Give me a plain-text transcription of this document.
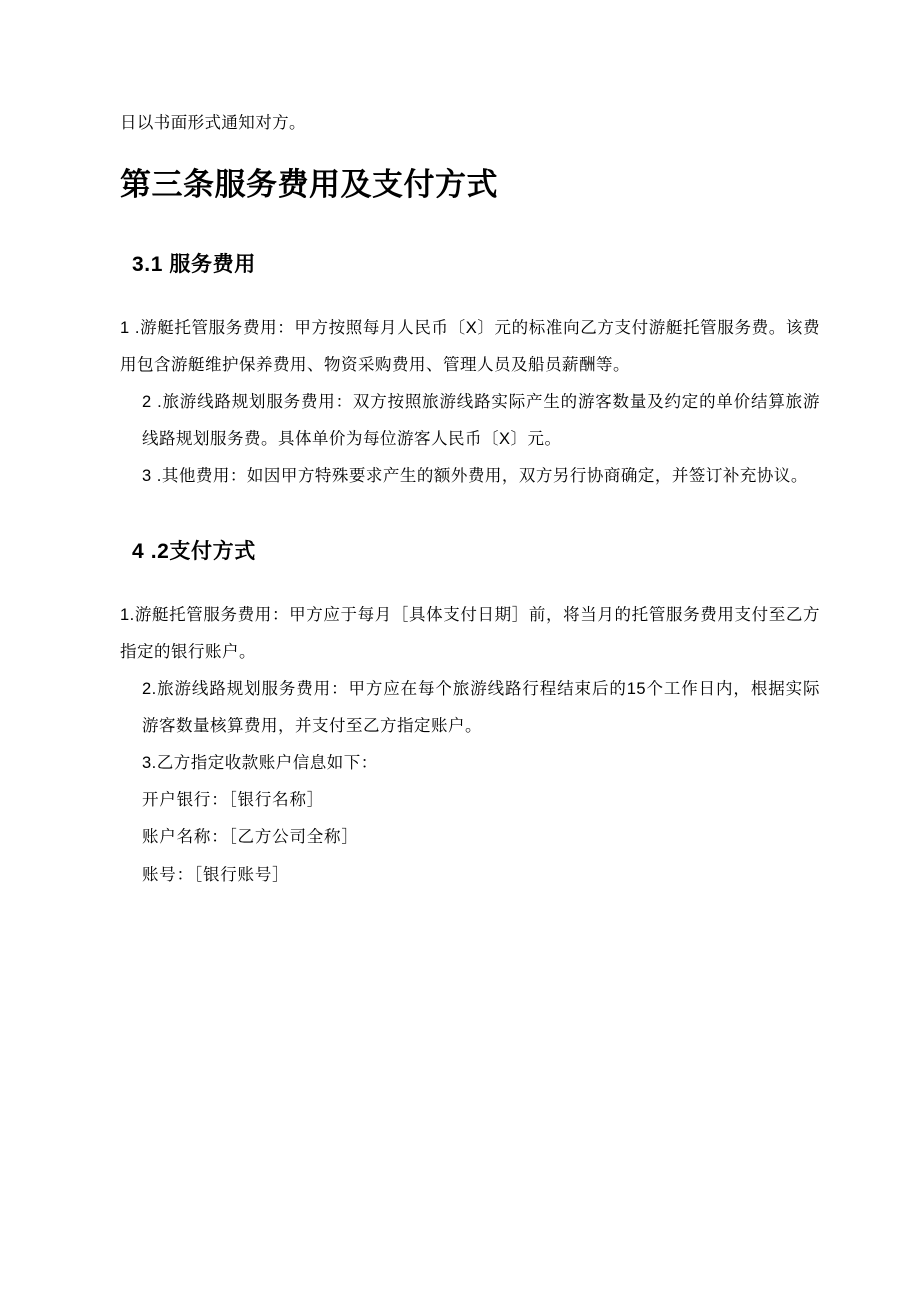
日以书面形式通知对方。

第三条服务费用及支付方式
3.1 服务费用

1 .游艇托管服务费用：甲方按照每月人民币〔X〕元的标准向乙方支付游艇托管服务费。该费用包含游艇维护保养费用、物资采购费用、管理人员及船员薪酬等。

2 .旅游线路规划服务费用：双方按照旅游线路实际产生的游客数量及约定的单价结算旅游线路规划服务费。具体单价为每位游客人民币〔X〕元。

3 .其他费用：如因甲方特殊要求产生的额外费用，双方另行协商确定，并签订补充协议。

4 .2支付方式

1.游艇托管服务费用：甲方应于每月［具体支付日期］前，将当月的托管服务费用支付至乙方指定的银行账户。

2.旅游线路规划服务费用：甲方应在每个旅游线路行程结束后的15个工作日内，根据实际游客数量核算费用，并支付至乙方指定账户。

3.乙方指定收款账户信息如下：

开户银行：［银行名称］

账户名称：［乙方公司全称］

账号：［银行账号］
